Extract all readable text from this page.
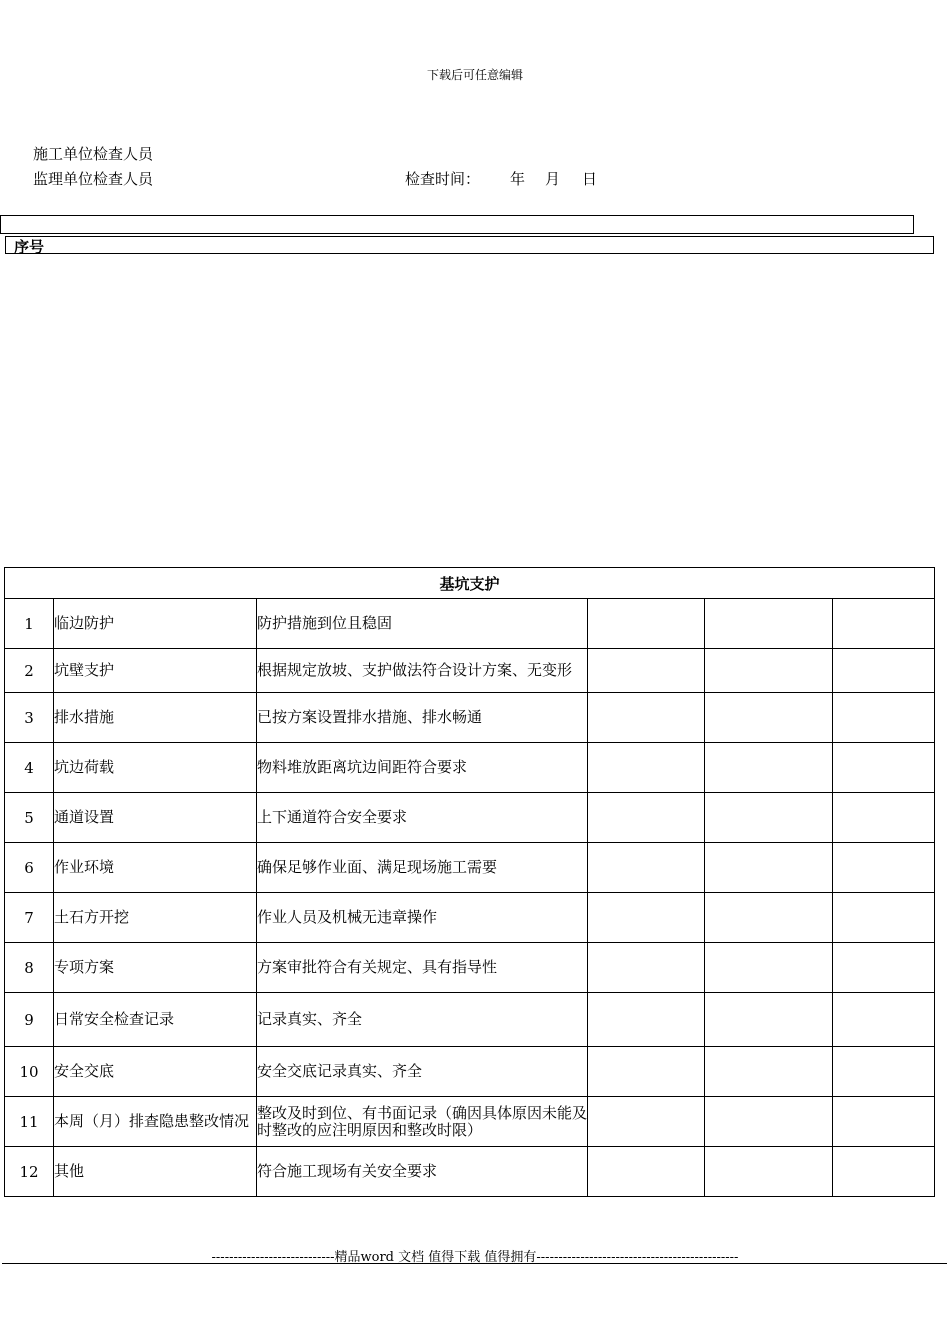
下载后可任意编辑
施工单位检查人员
监理单位检查人员	检查时间： 年 月 日
序号
基坑支护					
1	临边防护	防护措施到位且稳固			
2	坑壁支护	根据规定放坡、支护做法符合设计方案、无变形			
3	排水措施	已按方案设置排水措施、排水畅通			
4	坑边荷载	物料堆放距离坑边间距符合要求			
5	通道设置	上下通道符合安全要求			
6	作业环境	确保足够作业面、满足现场施工需要			
7	土石方开挖	作业人员及机械无违章操作			
8	专项方案	方案审批符合有关规定、具有指导性			
9	日常安全检查记录	记录真实、齐全			
10	安全交底	安全交底记录真实、齐全			
11	本周（月）排查隐患整改情况	整改及时到位、有书面记录（确因具体原因未能及时整改的应注明原因和整改时限）			
12	其他	符合施工现场有关安全要求			
----------------------------精品word 文档 值得下载 值得拥有----------------------------------------------
